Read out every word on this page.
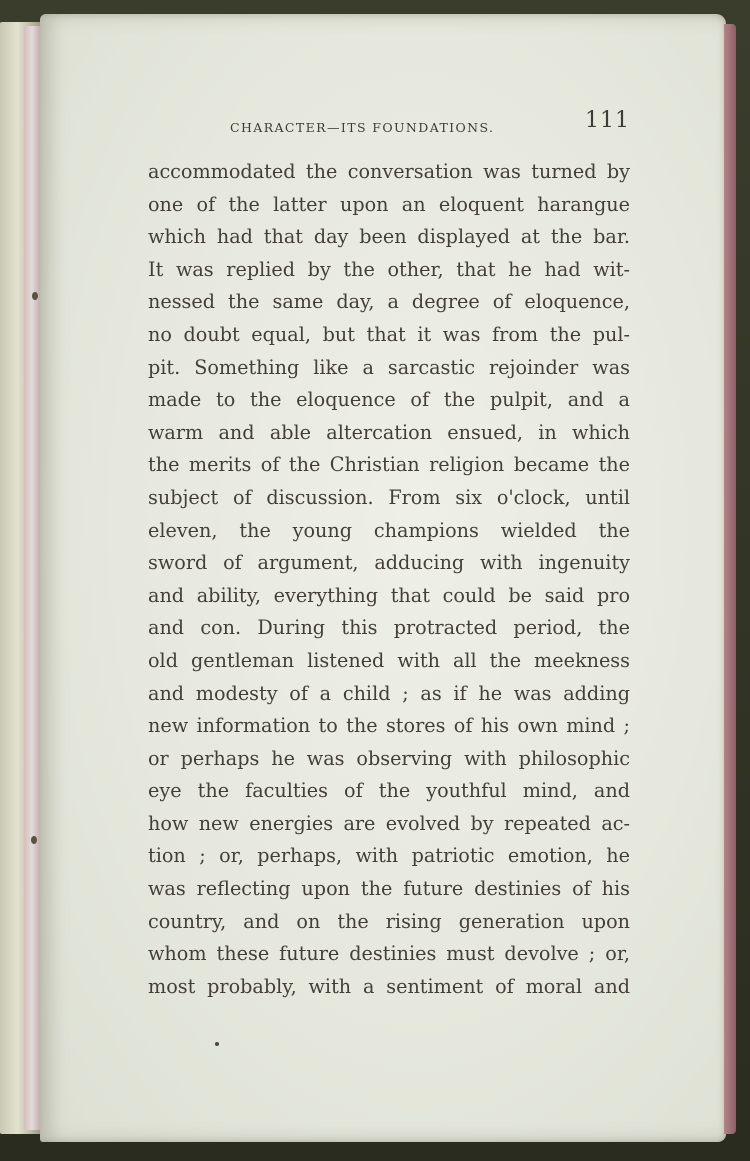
CHARACTER—ITS FOUNDATIONS.	111
accommodated the conversation was turned by
one of the latter upon an eloquent harangue
which had that day been displayed at the bar.
It was replied by the other, that he had wit-
nessed the same day, a degree of eloquence,
no doubt equal, but that it was from the pul-
pit. Something like a sarcastic rejoinder was
made to the eloquence of the pulpit, and a
warm and able altercation ensued, in which
the merits of the Christian religion became the
subject of discussion. From six o'clock, until
eleven, the young champions wielded the
sword of argument, adducing with ingenuity
and ability, everything that could be said pro
and con. During this protracted period, the
old gentleman listened with all the meekness
and modesty of a child ; as if he was adding
new information to the stores of his own mind ;
or perhaps he was observing with philosophic
eye the faculties of the youthful mind, and
how new energies are evolved by repeated ac-
tion ; or, perhaps, with patriotic emotion, he
was reflecting upon the future destinies of his
country, and on the rising generation upon
whom these future destinies must devolve ; or,
most probably, with a sentiment of moral and
